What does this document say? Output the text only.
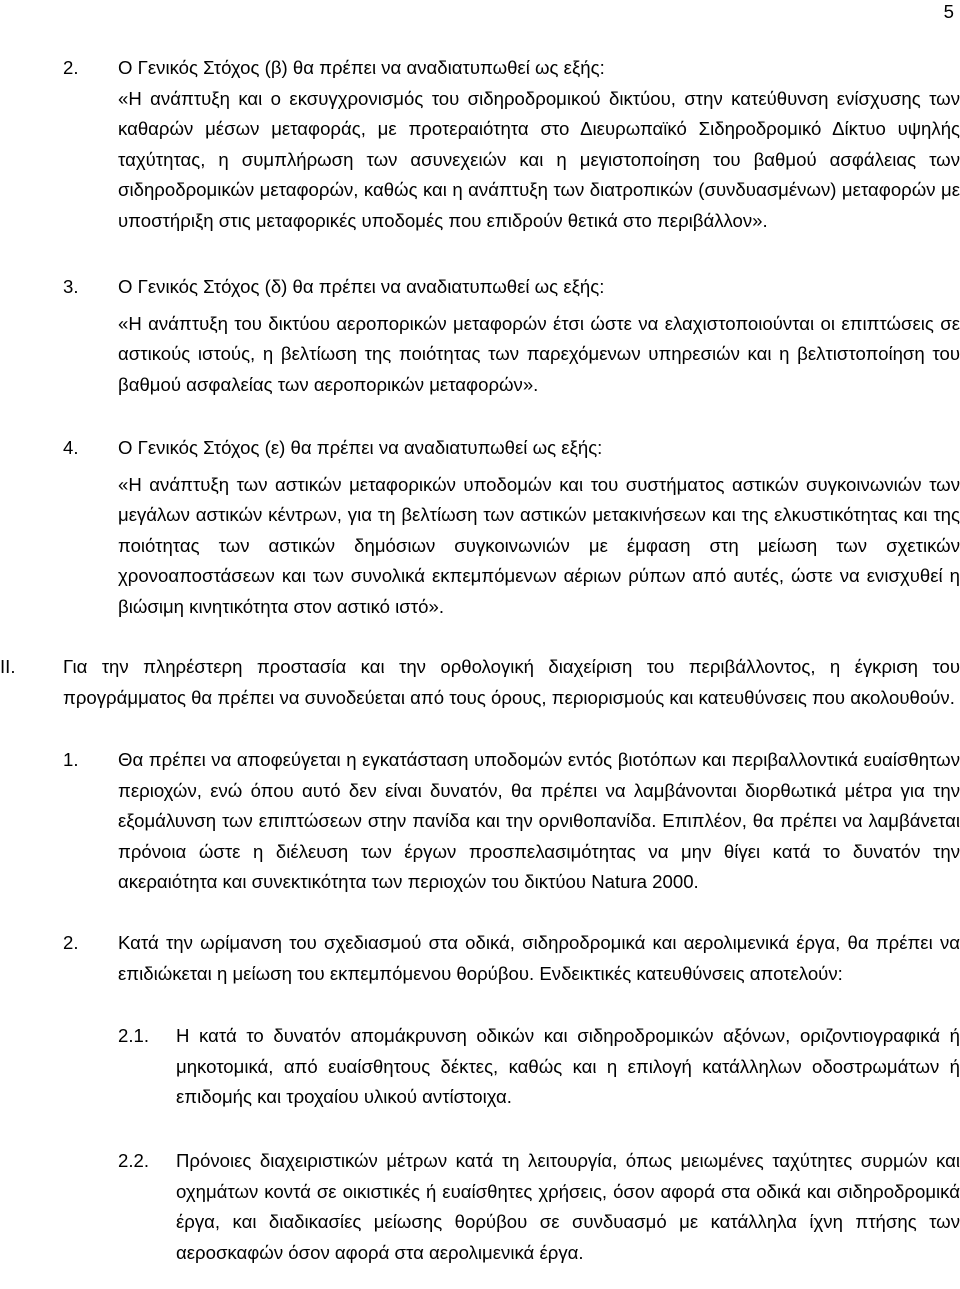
5
2. Ο Γενικός Στόχος (β) θα πρέπει να αναδιατυπωθεί ως εξής:
«Η ανάπτυξη και ο εκσυγχρονισμός του σιδηροδρομικού δικτύου, στην κατεύθυνση ενίσχυσης των καθαρών μέσων μεταφοράς, με προτεραιότητα στο Διευρωπαϊκό Σιδηροδρομικό Δίκτυο υψηλής ταχύτητας, η συμπλήρωση των ασυνεχειών και η μεγιστοποίηση του βαθμού ασφάλειας των σιδηροδρομικών μεταφορών, καθώς και η ανάπτυξη των διατροπικών (συνδυασμένων) μεταφορών με υποστήριξη στις μεταφορικές υποδομές που επιδρούν θετικά στο περιβάλλον».
3. Ο Γενικός Στόχος (δ) θα πρέπει να αναδιατυπωθεί ως εξής:
«Η ανάπτυξη του δικτύου αεροπορικών μεταφορών έτσι ώστε να ελαχιστοποιούνται οι επιπτώσεις σε αστικούς ιστούς, η βελτίωση της ποιότητας των παρεχόμενων υπηρεσιών και η βελτιστοποίηση του βαθμού ασφαλείας των αεροπορικών μεταφορών».
4. Ο Γενικός Στόχος (ε) θα πρέπει να αναδιατυπωθεί ως εξής:
«Η ανάπτυξη των αστικών μεταφορικών υποδομών και του συστήματος αστικών συγκοινωνιών των μεγάλων αστικών κέντρων, για τη βελτίωση των αστικών μετακινήσεων και της ελκυστικότητας και της ποιότητας των αστικών δημόσιων συγκοινωνιών με έμφαση στη μείωση των σχετικών χρονοαποστάσεων και των συνολικά εκπεμπόμενων αέριων ρύπων από αυτές, ώστε να ενισχυθεί η βιώσιμη κινητικότητα στον αστικό ιστό».
II.	Για την πληρέστερη προστασία και την ορθολογική διαχείριση του περιβάλλοντος, η έγκριση του προγράμματος θα πρέπει να συνοδεύεται από τους όρους, περιορισμούς και κατευθύνσεις που ακολουθούν.
1. Θα πρέπει να αποφεύγεται η εγκατάσταση υποδομών εντός βιοτόπων και περιβαλλοντικά ευαίσθητων περιοχών, ενώ όπου αυτό δεν είναι δυνατόν, θα πρέπει να λαμβάνονται διορθωτικά μέτρα για την εξομάλυνση των επιπτώσεων στην πανίδα και την ορνιθοπανίδα. Επιπλέον, θα πρέπει να λαμβάνεται πρόνοια ώστε η διέλευση των έργων προσπελασιμότητας να μην θίγει κατά το δυνατόν την ακεραιότητα και συνεκτικότητα των περιοχών του δικτύου Natura 2000.
2. Κατά την ωρίμανση του σχεδιασμού στα οδικά, σιδηροδρομικά και αερολιμενικά έργα, θα πρέπει να επιδιώκεται η μείωση του εκπεμπόμενου θορύβου. Ενδεικτικές κατευθύνσεις αποτελούν:
2.1. Η κατά το δυνατόν απομάκρυνση οδικών και σιδηροδρομικών αξόνων, οριζοντιογραφικά ή μηκοτομικά, από ευαίσθητους δέκτες, καθώς και η επιλογή κατάλληλων οδοστρωμάτων ή επιδομής και τροχαίου υλικού αντίστοιχα.
2.2. Πρόνοιες διαχειριστικών μέτρων κατά τη λειτουργία, όπως μειωμένες ταχύτητες συρμών και οχημάτων κοντά σε οικιστικές ή ευαίσθητες χρήσεις, όσον αφορά στα οδικά και σιδηροδρομικά έργα, και διαδικασίες μείωσης θορύβου σε συνδυασμό με κατάλληλα ίχνη πτήσης των αεροσκαφών όσον αφορά στα αερολιμενικά έργα.
